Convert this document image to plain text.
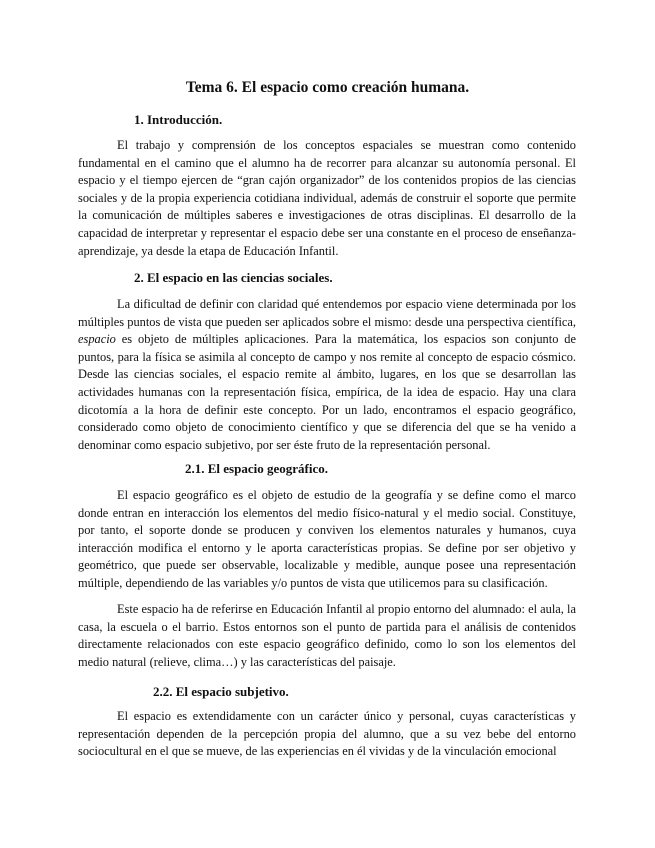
Tema 6. El espacio como creación humana.
1. Introducción.

El trabajo y comprensión de los conceptos espaciales se muestran como contenido fundamental en el camino que el alumno ha de recorrer para alcanzar su autonomía personal. El espacio y el tiempo ejercen de “gran cajón organizador” de los contenidos propios de las ciencias sociales y de la propia experiencia cotidiana individual, además de construir el soporte que permite la comunicación de múltiples saberes e investigaciones de otras disciplinas. El desarrollo de la capacidad de interpretar y representar el espacio debe ser una constante en el proceso de enseñanza-aprendizaje, ya desde la etapa de Educación Infantil.

2. El espacio en las ciencias sociales.

La dificultad de definir con claridad qué entendemos por espacio viene determinada por los múltiples puntos de vista que pueden ser aplicados sobre el mismo: desde una perspectiva científica, espacio es objeto de múltiples aplicaciones. Para la matemática, los espacios son conjunto de puntos, para la física se asimila al concepto de campo y nos remite al concepto de espacio cósmico. Desde las ciencias sociales, el espacio remite al ámbito, lugares, en los que se desarrollan las actividades humanas con la representación física, empírica, de la idea de espacio. Hay una clara dicotomía a la hora de definir este concepto. Por un lado, encontramos el espacio geográfico, considerado como objeto de conocimiento científico y que se diferencia del que se ha venido a denominar como espacio subjetivo, por ser éste fruto de la representación personal.

2.1. El espacio geográfico.

El espacio geográfico es el objeto de estudio de la geografía y se define como el marco donde entran en interacción los elementos del medio físico-natural y el medio social. Constituye, por tanto, el soporte donde se producen y conviven los elementos naturales y humanos, cuya interacción modifica el entorno y le aporta características propias. Se define por ser objetivo y geométrico, que puede ser observable, localizable y medible, aunque posee una representación múltiple, dependiendo de las variables y/o puntos de vista que utilicemos para su clasificación.

Este espacio ha de referirse en Educación Infantil al propio entorno del alumnado: el aula, la casa, la escuela o el barrio. Estos entornos son el punto de partida para el análisis de contenidos directamente relacionados con este espacio geográfico definido, como lo son los elementos del medio natural (relieve, clima…) y las características del paisaje.

2.2. El espacio subjetivo.

El espacio es extendidamente con un carácter único y personal, cuyas características y representación dependen de la percepción propia del alumno, que a su vez bebe del entorno sociocultural en el que se mueve, de las experiencias en él vividas y de la vinculación emocional
